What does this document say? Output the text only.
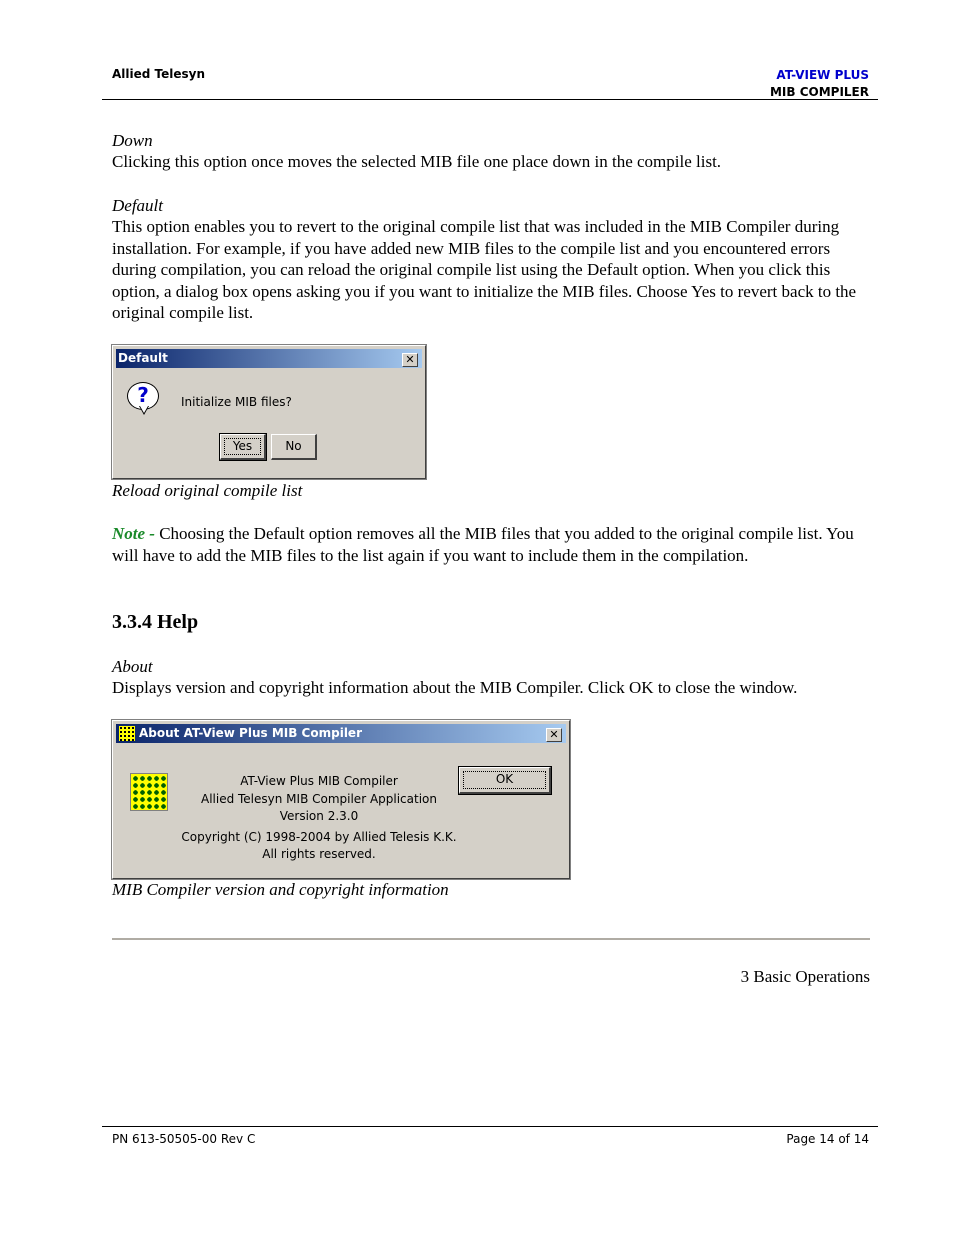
Allied Telesyn	AT-VIEW PLUS
MIB COMPILER
Down
Clicking this option once moves the selected MIB file one place down in the compile list.
Default
This option enables you to revert to the original compile list that was included in the MIB Compiler during installation. For example, if you have added new MIB files to the compile list and you encountered errors during compilation, you can reload the original compile list using the Default option. When you click this option, a dialog box opens asking you if you want to initialize the MIB files. Choose Yes to revert back to the original compile list.
Default	✕
?	Initialize MIB files?
Yes	No
Reload original compile list
Note - Choosing the Default option removes all the MIB files that you added to the original compile list. You will have to add the MIB files to the list again if you want to include them in the compilation.
3.3.4 Help
About
Displays version and copyright information about the MIB Compiler. Click OK to close the window.
About AT-View Plus MIB Compiler	✕
AT-View Plus MIB Compiler
Allied Telesyn MIB Compiler Application
Version 2.3.0
Copyright (C) 1998-2004 by Allied Telesis K.K.
All rights reserved.
OK
MIB Compiler version and copyright information
3 Basic Operations
PN 613-50505-00 Rev C	Page 14 of 14
